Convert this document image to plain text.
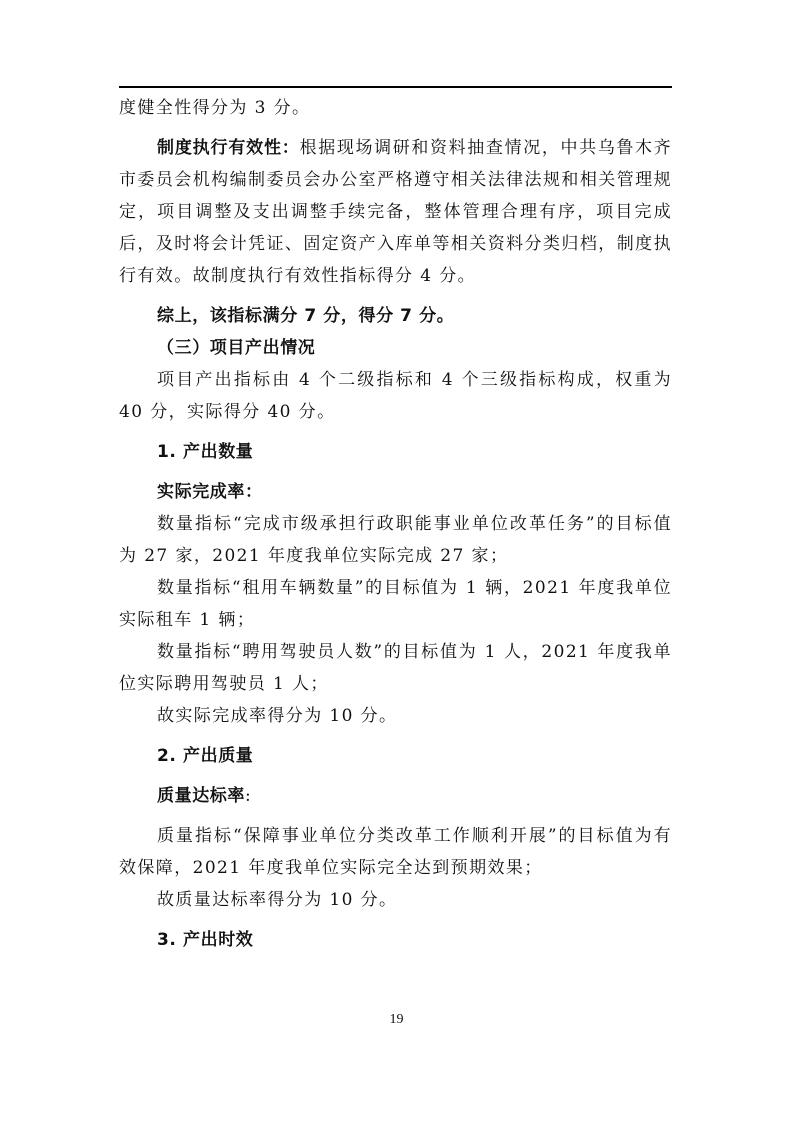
度健全性得分为 3 分。

制度执行有效性：根据现场调研和资料抽查情况，中共乌鲁木齐市委员会机构编制委员会办公室严格遵守相关法律法规和相关管理规定，项目调整及支出调整手续完备，整体管理合理有序，项目完成后，及时将会计凭证、固定资产入库单等相关资料分类归档，制度执行有效。故制度执行有效性指标得分 4 分。

综上，该指标满分 7 分，得分 7 分。

（三）项目产出情况

项目产出指标由 4 个二级指标和 4 个三级指标构成，权重为 40 分，实际得分 40 分。

1. 产出数量

实际完成率：

数量指标“完成市级承担行政职能事业单位改革任务”的目标值为 27 家，2021 年度我单位实际完成 27 家；

数量指标“租用车辆数量”的目标值为 1 辆，2021 年度我单位实际租车 1 辆；

数量指标“聘用驾驶员人数”的目标值为 1 人，2021 年度我单位实际聘用驾驶员 1 人；

故实际完成率得分为 10 分。

2. 产出质量

质量达标率:

质量指标“保障事业单位分类改革工作顺利开展”的目标值为有效保障，2021 年度我单位实际完全达到预期效果；

故质量达标率得分为 10 分。

3. 产出时效

19
